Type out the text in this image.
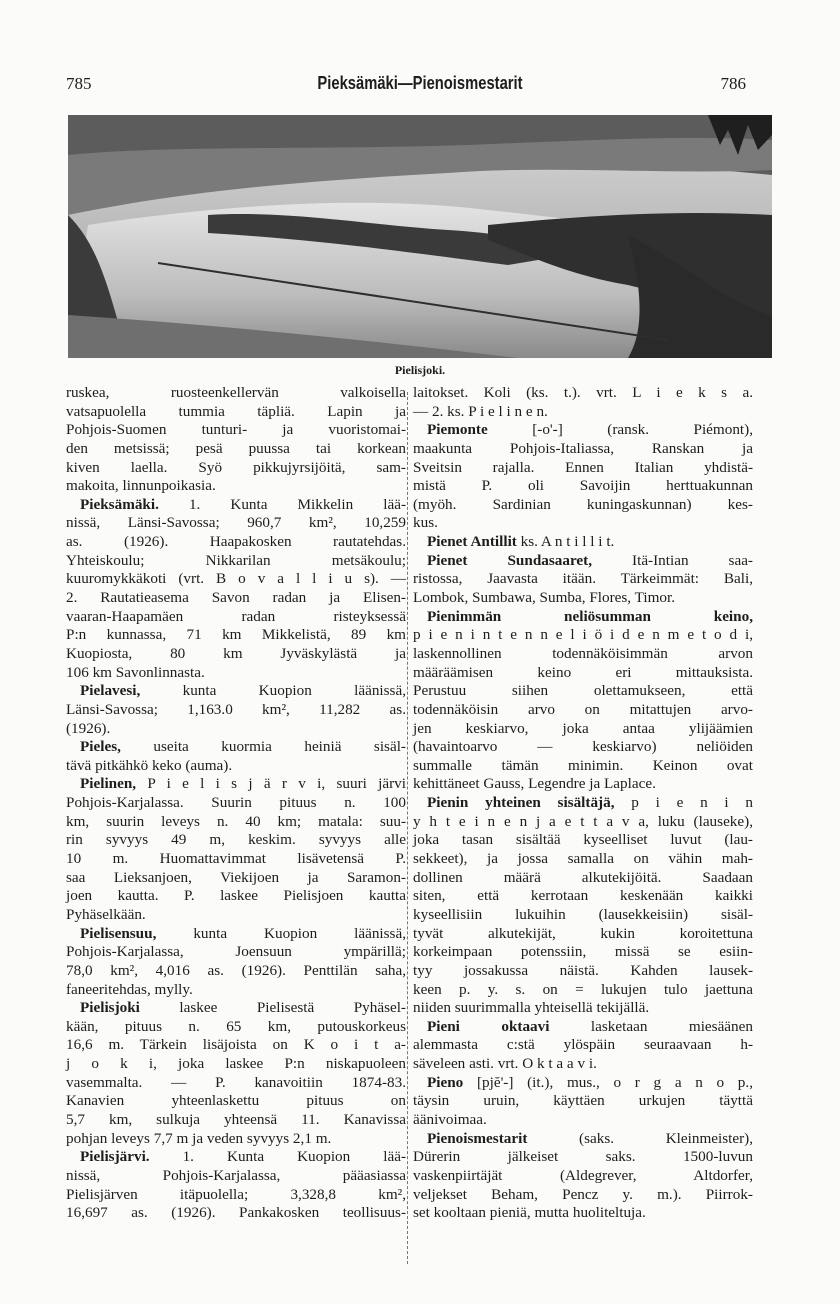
785	Pieksämäki—Pienoismestarit	786
Pielisjoki.
ruskea, ruosteenkellervän valkoisella
vatsapuolella tummia täpliä. Lapin ja
Pohjois-Suomen tunturi- ja vuoristomai-
den metsissä; pesä puussa tai korkean
kiven laella. Syö pikkujyrsijöitä, sam-
makoita, linnunpoikasia.
Pieksämäki. 1. Kunta Mikkelin lää-
nissä, Länsi-Savossa; 960,7 km², 10,259
as. (1926). Haapakosken rautatehdas.
Yhteiskoulu; Nikkarilan metsäkoulu;
kuuromykkäkoti (vrt. B o v a l l i u s). —
2. Rautatieasema Savon radan ja Elisen-
vaaran-Haapamäen radan risteyksessä
P:n kunnassa, 71 km Mikkelistä, 89 km
Kuopiosta, 80 km Jyväskylästä ja
106 km Savonlinnasta.
Pielavesi, kunta Kuopion läänissä,
Länsi-Savossa; 1,163.0 km², 11,282 as.
(1926).
Pieles, useita kuormia heiniä sisäl-
tävä pitkähkö keko (auma).
Pielinen, P i e l i s j ä r v i, suuri järvi
Pohjois-Karjalassa. Suurin pituus n. 100
km, suurin leveys n. 40 km; matala: suu-
rin syvyys 49 m, keskim. syvyys alle
10 m. Huomattavimmat lisävetensä P.
saa Lieksanjoen, Viekijoen ja Saramon-
joen kautta. P. laskee Pielisjoen kautta
Pyhäselkään.
Pielisensuu, kunta Kuopion läänissä,
Pohjois-Karjalassa, Joensuun ympärillä;
78,0 km², 4,016 as. (1926). Penttilän saha,
faneeritehdas, mylly.
Pielisjoki laskee Pielisestä Pyhäsel-
kään, pituus n. 65 km, putouskorkeus
16,6 m. Tärkein lisäjoista on K o i t a-
j o k i, joka laskee P:n niskapuoleen
vasemmalta. — P. kanavoitiin 1874-83.
Kanavien yhteenlaskettu pituus on
5,7 km, sulkuja yhteensä 11. Kanavissa
pohjan leveys 7,7 m ja veden syvyys 2,1 m.
Pielisjärvi. 1. Kunta Kuopion lää-
nissä, Pohjois-Karjalassa, pääasiassa
Pielisjärven itäpuolella; 3,328,8 km²,
16,697 as. (1926). Pankakosken teollisuus-
laitokset. Koli (ks. t.). vrt. L i e k s a.
— 2. ks. P i e l i n e n.
Piemonte [-o'-] (ransk. Piémont),
maakunta Pohjois-Italiassa, Ranskan ja
Sveitsin rajalla. Ennen Italian yhdistä-
mistä P. oli Savoijin herttuakunnan
(myöh. Sardinian kuningaskunnan) kes-
kus.
Pienet Antillit ks. A n t i l l i t.
Pienet Sundasaaret, Itä-Intian saa-
ristossa, Jaavasta itään. Tärkeimmät: Bali,
Lombok, Sumbawa, Sumba, Flores, Timor.
Pienimmän neliösumman keino,
p i e n i n t e n n e l i ö i d e n m e t o d i,
laskennollinen todennäköisimmän arvon
määräämisen keino eri mittauksista.
Perustuu siihen olettamukseen, että
todennäköisin arvo on mitattujen arvo-
jen keskiarvo, joka antaa ylijäämien
(havaintoarvo — keskiarvo) neliöiden
summalle tämän minimin. Keinon ovat
kehittäneet Gauss, Legendre ja Laplace.
Pienin yhteinen sisältäjä, p i e n i n
y h t e i n e n j a e t t a v a, luku (lauseke),
joka tasan sisältää kyseelliset luvut (lau-
sekkeet), ja jossa samalla on vähin mah-
dollinen määrä alkutekijöitä. Saadaan
siten, että kerrotaan keskenään kaikki
kyseellisiin lukuihin (lausekkeisiin) sisäl-
tyvät alkutekijät, kukin koroitettuna
korkeimpaan potenssiin, missä se esiin-
tyy jossakussa näistä. Kahden lausek-
keen p. y. s. on = lukujen tulo jaettuna
niiden suurimmalla yhteisellä tekijällä.
Pieni oktaavi lasketaan miesäänen
alemmasta c:stä ylöspäin seuraavaan h-
säveleen asti. vrt. O k t a a v i.
Pieno [pjĕ'-] (it.), mus., o r g a n o p.,
täysin uruin, käyttäen urkujen täyttä
äänivoimaa.
Pienoismestarit (saks. Kleinmeister),
Dürerin jälkeiset saks. 1500-luvun
vaskenpiirtäjät (Aldegrever, Altdorfer,
veljekset Beham, Pencz y. m.). Piirrok-
set kooltaan pieniä, mutta huoliteltuja.
